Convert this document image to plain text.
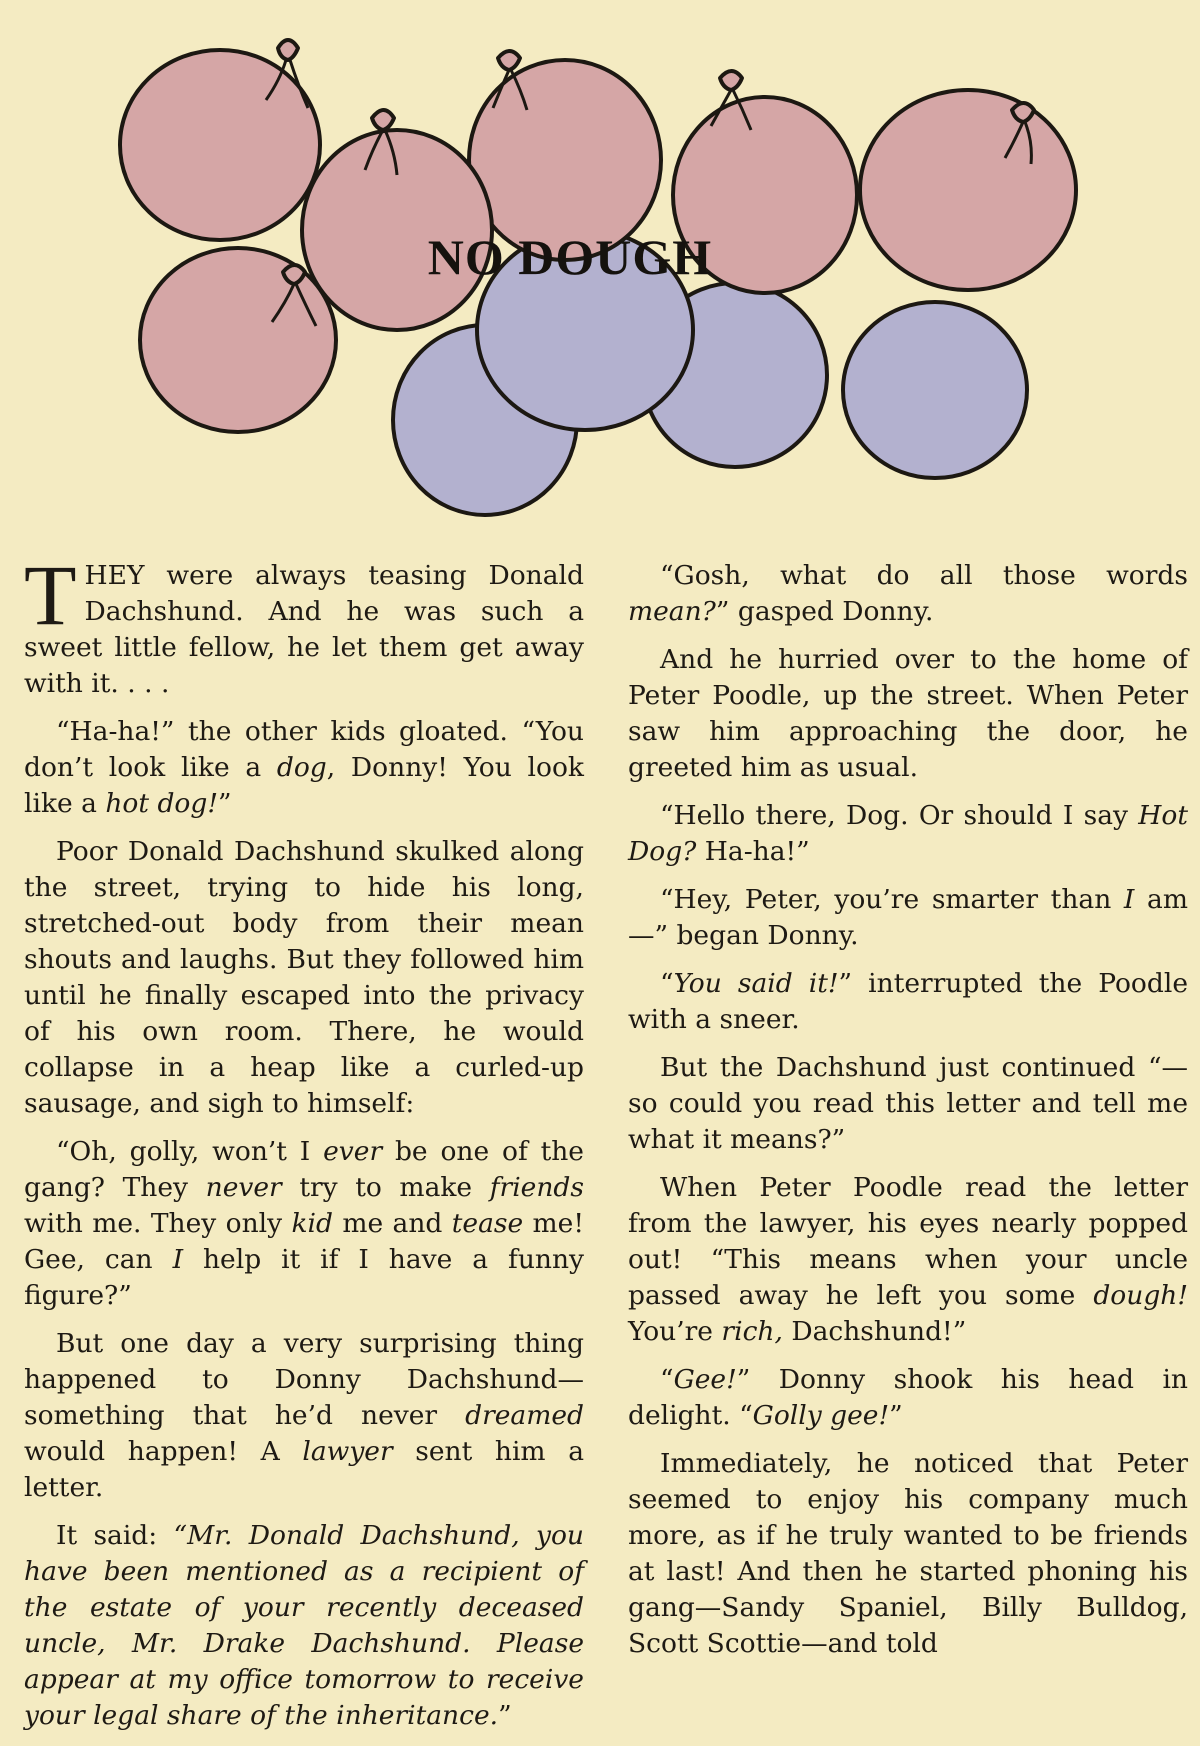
NO DOUGH

THEY were always teasing Donald Dachshund. And he was such a sweet little fellow, he let them get away with it. . . .

“Ha-ha!” the other kids gloated. “You don’t look like a dog, Donny! You look like a hot dog!”

Poor Donald Dachshund skulked along the street, trying to hide his long, stretched-out body from their mean shouts and laughs. But they followed him until he finally escaped into the privacy of his own room. There, he would collapse in a heap like a curled-up sausage, and sigh to himself:

“Oh, golly, won’t I ever be one of the gang? They never try to make friends with me. They only kid me and tease me! Gee, can I help it if I have a funny figure?”

But one day a very surprising thing happened to Donny Dachshund—something that he’d never dreamed would happen! A lawyer sent him a letter.

It said: “Mr. Donald Dachshund, you have been mentioned as a recipient of the estate of your recently deceased uncle, Mr. Drake Dachshund. Please appear at my office tomorrow to receive your legal share of the inheritance.”

“Gosh, what do all those words mean?” gasped Donny.

And he hurried over to the home of Peter Poodle, up the street. When Peter saw him approaching the door, he greeted him as usual.

“Hello there, Dog. Or should I say Hot Dog? Ha-ha!”

“Hey, Peter, you’re smarter than I am—” began Donny.

“You said it!” interrupted the Poodle with a sneer.

But the Dachshund just continued “—so could you read this letter and tell me what it means?”

When Peter Poodle read the letter from the lawyer, his eyes nearly popped out! “This means when your uncle passed away he left you some dough! You’re rich, Dachshund!”

“Gee!” Donny shook his head in delight. “Golly gee!”

Immediately, he noticed that Peter seemed to enjoy his company much more, as if he truly wanted to be friends at last! And then he started phoning his gang—Sandy Spaniel, Billy Bulldog, Scott Scottie—and told
